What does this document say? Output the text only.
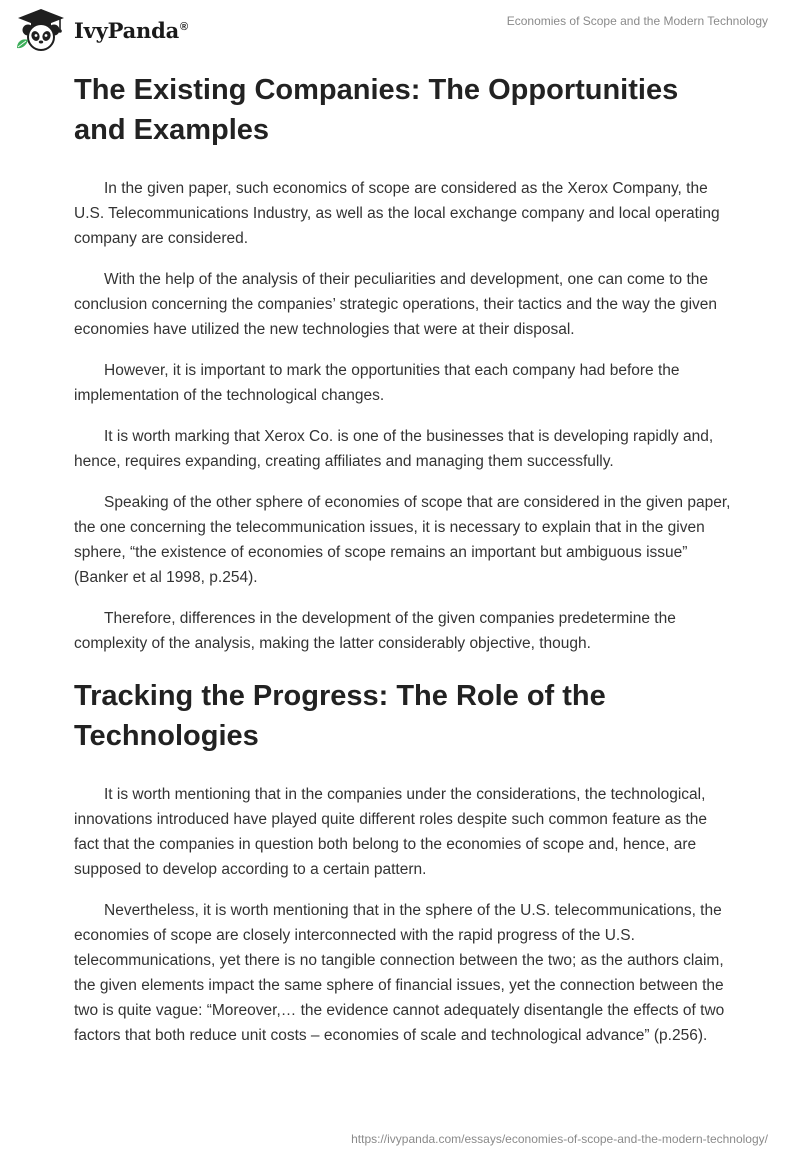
IvyPanda®	Economies of Scope and the Modern Technology
The Existing Companies: The Opportunities and Examples

In the given paper, such economics of scope are considered as the Xerox Company, the U.S. Telecommunications Industry, as well as the local exchange company and local operating company are considered.

With the help of the analysis of their peculiarities and development, one can come to the conclusion concerning the companies’ strategic operations, their tactics and the way the given economies have utilized the new technologies that were at their disposal.

However, it is important to mark the opportunities that each company had before the implementation of the technological changes.

It is worth marking that Xerox Co. is one of the businesses that is developing rapidly and, hence, requires expanding, creating affiliates and managing them successfully.

Speaking of the other sphere of economies of scope that are considered in the given paper, the one concerning the telecommunication issues, it is necessary to explain that in the given sphere, “the existence of economies of scope remains an important but ambiguous issue” (Banker et al 1998, p.254).

Therefore, differences in the development of the given companies predetermine the complexity of the analysis, making the latter considerably objective, though.

Tracking the Progress: The Role of the Technologies

It is worth mentioning that in the companies under the considerations, the technological, innovations introduced have played quite different roles despite such common feature as the fact that the companies in question both belong to the economies of scope and, hence, are supposed to develop according to a certain pattern.

Nevertheless, it is worth mentioning that in the sphere of the U.S. telecommunications, the economies of scope are closely interconnected with the rapid progress of the U.S. telecommunications, yet there is no tangible connection between the two; as the authors claim, the given elements impact the same sphere of financial issues, yet the connection between the two is quite vague: “Moreover,… the evidence cannot adequately disentangle the effects of two factors that both reduce unit costs – economies of scale and technological advance” (p.256).

https://ivypanda.com/essays/economies-of-scope-and-the-modern-technology/
